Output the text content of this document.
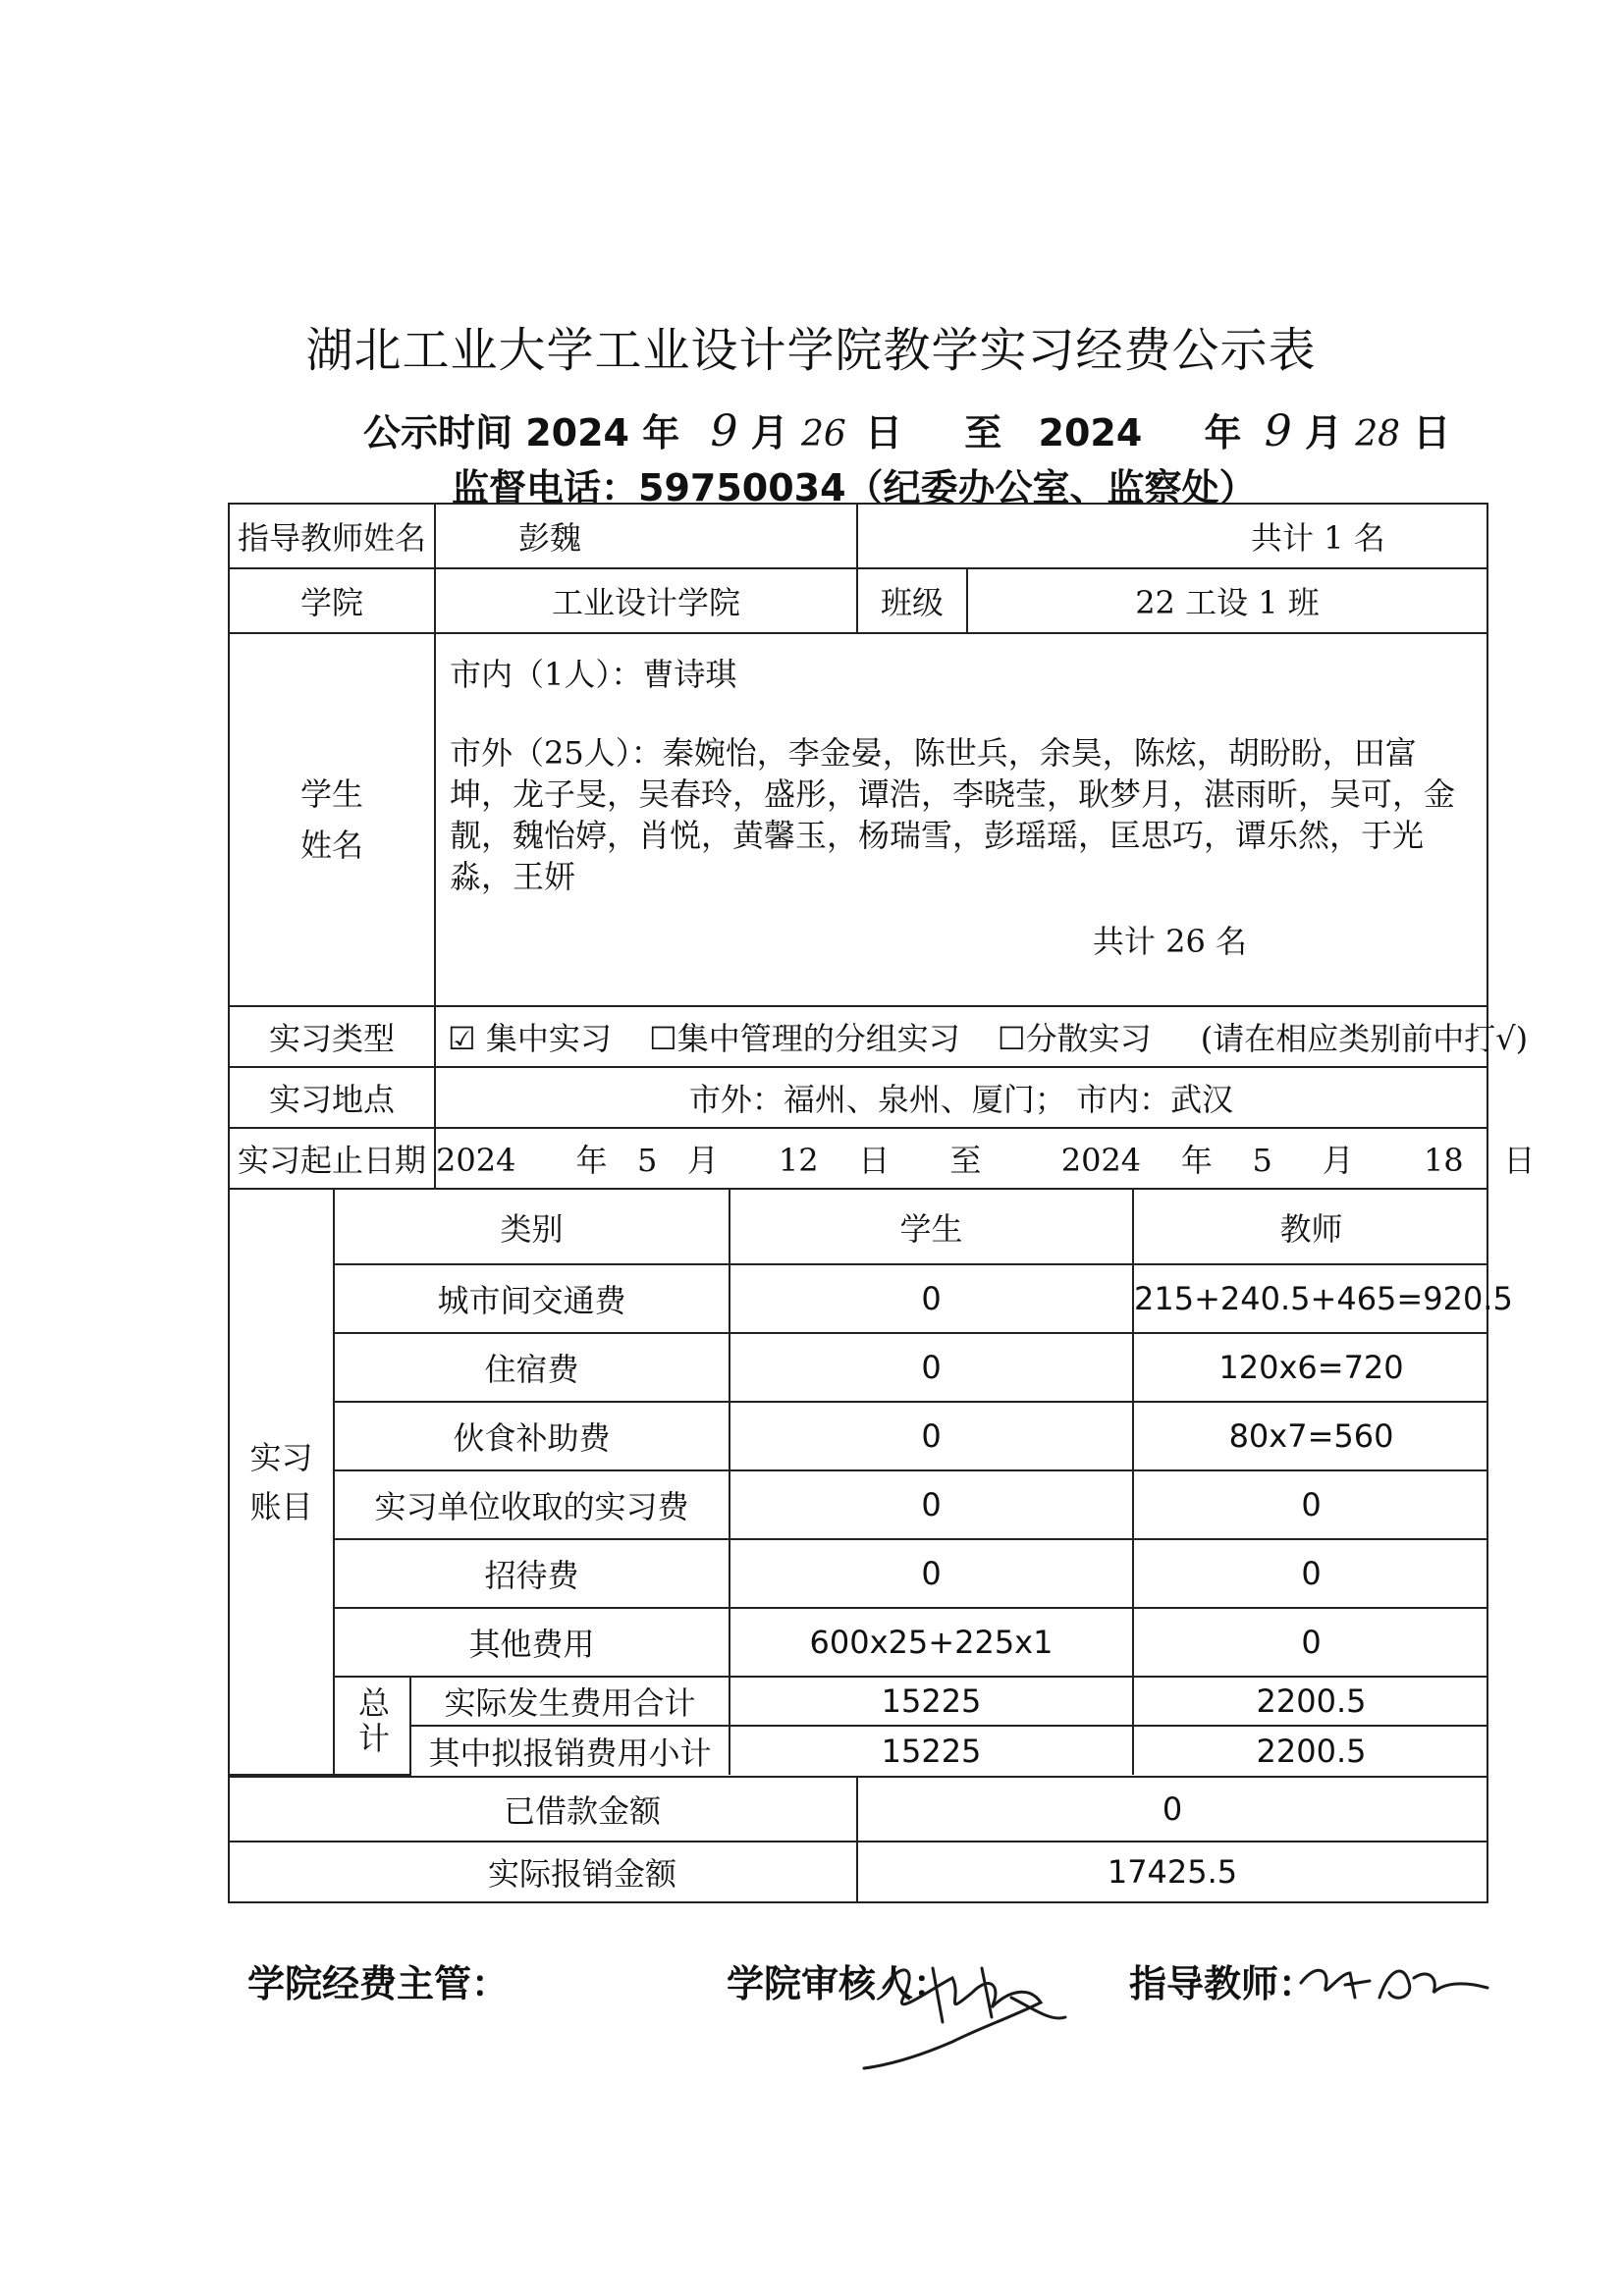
湖北工业大学工业设计学院教学实习经费公示表
公示时间 2024 年 9 月 26 日 至 2024 年 9 月 28 日
监督电话：59750034（纪委办公室、监察处）
指导教师姓名	彭魏	共计 1 名
学院	工业设计学院	班级	22 工设 1 班

学生
姓名

市内（1人）：曹诗琪

市外（25人）：秦婉怡，李金晏，陈世兵，余昊，陈炫，胡盼盼，田富坤，龙子旻，吴春玲，盛彤，谭浩，李晓莹，耿梦月，湛雨昕，吴可，金靓，魏怡婷，肖悦，黄馨玉，杨瑞雪，彭瑶瑶，匡思巧，谭乐然，于光淼，王妍

共计 26 名

实习类型	☑ 集中实习 ☐集中管理的分组实习 ☐分散实习 (请在相应类别前中打√)
实习地点	市外：福州、泉州、厦门； 市内：武汉
实习起止日期	2024      年   5   月      12    日      至        2024    年    5     月       18    日

实习
账目
	类别	学生	教师
城市间交通费	0	215+240.5+465=920.5
住宿费	0	120x6=720
伙食补助费	0	80x7=560
实习单位收取的实习费	0	0
招待费	0	0
其他费用	600x25+225x1	0
总计	实际发生费用合计	15225	2200.5
其中拟报销费用小计	15225	2200.5

已借款金额	0
实际报销金额	17425.5
学院经费主管：	学院审核人：	指导教师：
